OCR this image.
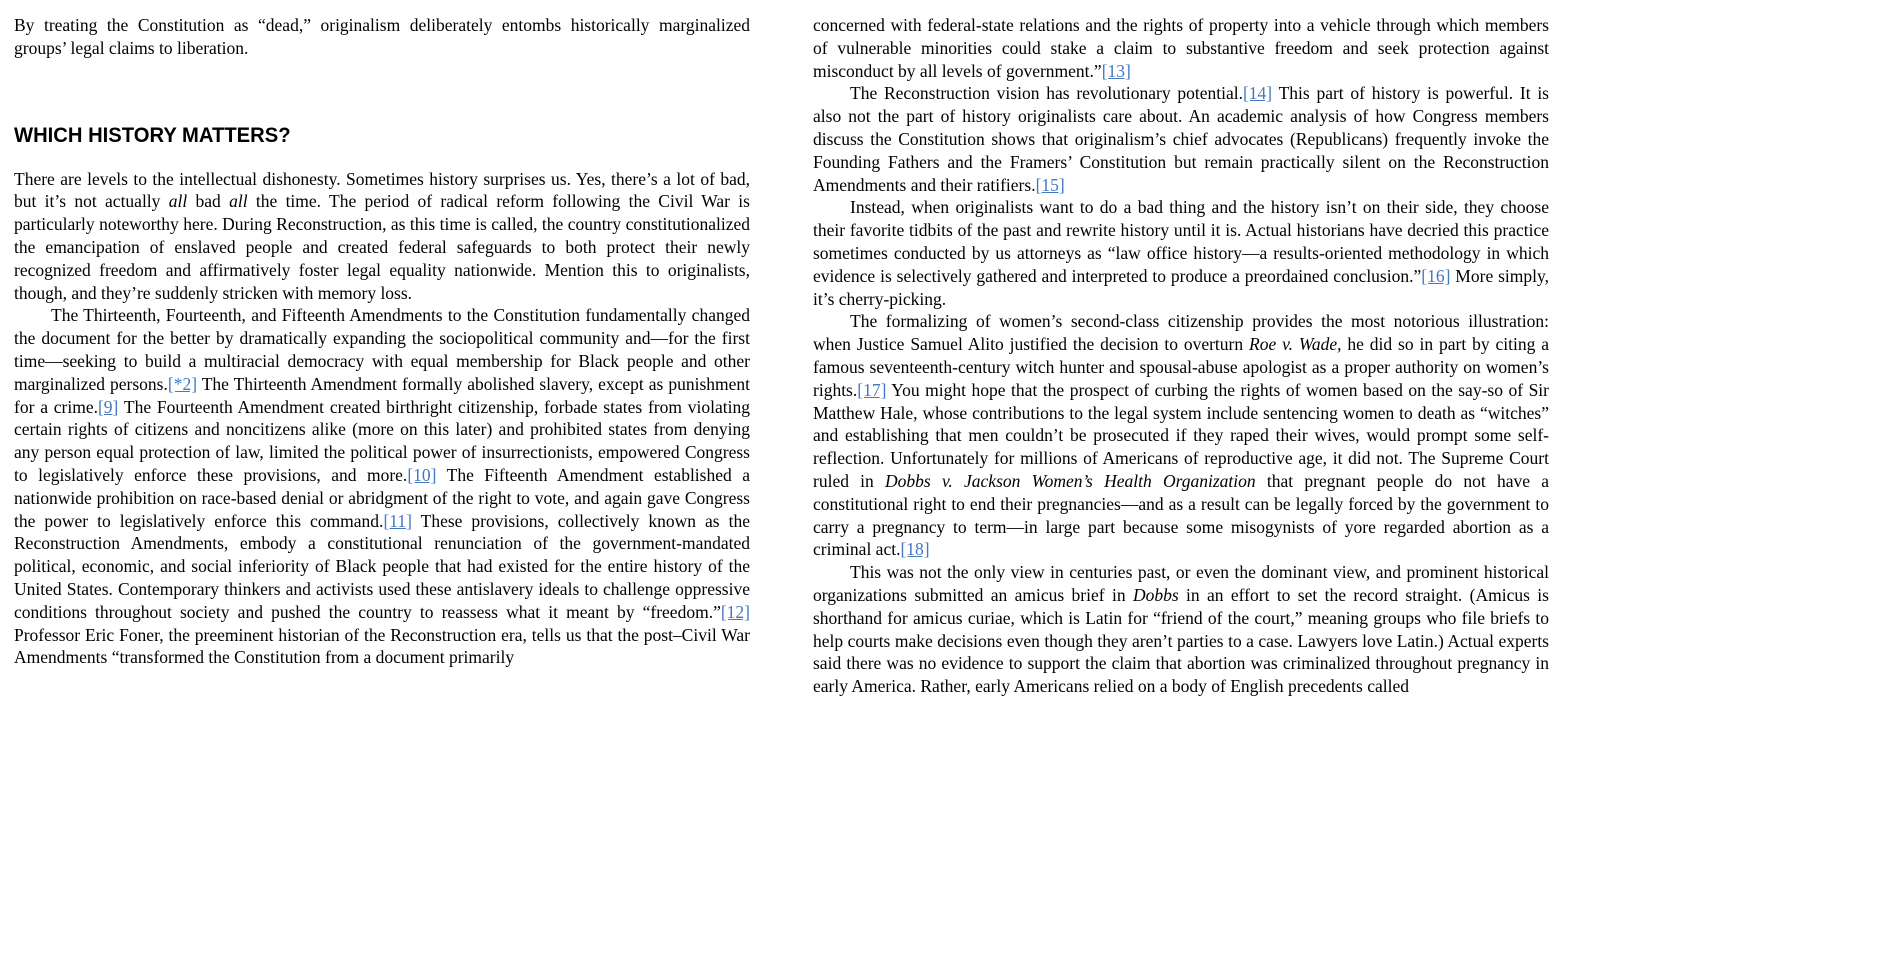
By treating the Constitution as “dead,” originalism deliberately entombs historically marginalized groups’ legal claims to liberation.

WHICH HISTORY MATTERS?

There are levels to the intellectual dishonesty. Sometimes history surprises us. Yes, there’s a lot of bad, but it’s not actually all bad all the time. The period of radical reform following the Civil War is particularly noteworthy here. During Reconstruction, as this time is called, the country constitutionalized the emancipation of enslaved people and created federal safeguards to both protect their newly recognized freedom and affirmatively foster legal equality nationwide. Mention this to originalists, though, and they’re suddenly stricken with memory loss.

The Thirteenth, Fourteenth, and Fifteenth Amendments to the Constitution fundamentally changed the document for the better by dramatically expanding the sociopolitical community and—for the first time—seeking to build a multiracial democracy with equal membership for Black people and other marginalized persons.[*2] The Thirteenth Amendment formally abolished slavery, except as punishment for a crime.[9] The Fourteenth Amendment created birthright citizenship, forbade states from violating certain rights of citizens and noncitizens alike (more on this later) and prohibited states from denying any person equal protection of law, limited the political power of insurrectionists, empowered Congress to legislatively enforce these provisions, and more.[10] The Fifteenth Amendment established a nationwide prohibition on race-based denial or abridgment of the right to vote, and again gave Congress the power to legislatively enforce this command.[11] These provisions, collectively known as the Reconstruction Amendments, embody a constitutional renunciation of the government-mandated political, economic, and social inferiority of Black people that had existed for the entire history of the United States. Contemporary thinkers and activists used these antislavery ideals to challenge oppressive conditions throughout society and pushed the country to reassess what it meant by “freedom.”[12] Professor Eric Foner, the preeminent historian of the Reconstruction era, tells us that the post–Civil War Amendments “transformed the Constitution from a document primarily

concerned with federal-state relations and the rights of property into a vehicle through which members of vulnerable minorities could stake a claim to substantive freedom and seek protection against misconduct by all levels of government.”[13]

The Reconstruction vision has revolutionary potential.[14] This part of history is powerful. It is also not the part of history originalists care about. An academic analysis of how Congress members discuss the Constitution shows that originalism’s chief advocates (Republicans) frequently invoke the Founding Fathers and the Framers’ Constitution but remain practically silent on the Reconstruction Amendments and their ratifiers.[15]

Instead, when originalists want to do a bad thing and the history isn’t on their side, they choose their favorite tidbits of the past and rewrite history until it is. Actual historians have decried this practice sometimes conducted by us attorneys as “law office history—a results-oriented methodology in which evidence is selectively gathered and interpreted to produce a preordained conclusion.”[16] More simply, it’s cherry-picking.

The formalizing of women’s second-class citizenship provides the most notorious illustration: when Justice Samuel Alito justified the decision to overturn Roe v. Wade, he did so in part by citing a famous seventeenth-century witch hunter and spousal-abuse apologist as a proper authority on women’s rights.[17] You might hope that the prospect of curbing the rights of women based on the say-so of Sir Matthew Hale, whose contributions to the legal system include sentencing women to death as “witches” and establishing that men couldn’t be prosecuted if they raped their wives, would prompt some self-reflection. Unfortunately for millions of Americans of reproductive age, it did not. The Supreme Court ruled in Dobbs v. Jackson Women’s Health Organization that pregnant people do not have a constitutional right to end their pregnancies—and as a result can be legally forced by the government to carry a pregnancy to term—in large part because some misogynists of yore regarded abortion as a criminal act.[18]

This was not the only view in centuries past, or even the dominant view, and prominent historical organizations submitted an amicus brief in Dobbs in an effort to set the record straight. (Amicus is shorthand for amicus curiae, which is Latin for “friend of the court,” meaning groups who file briefs to help courts make decisions even though they aren’t parties to a case. Lawyers love Latin.) Actual experts said there was no evidence to support the claim that abortion was criminalized throughout pregnancy in early America. Rather, early Americans relied on a body of English precedents called
